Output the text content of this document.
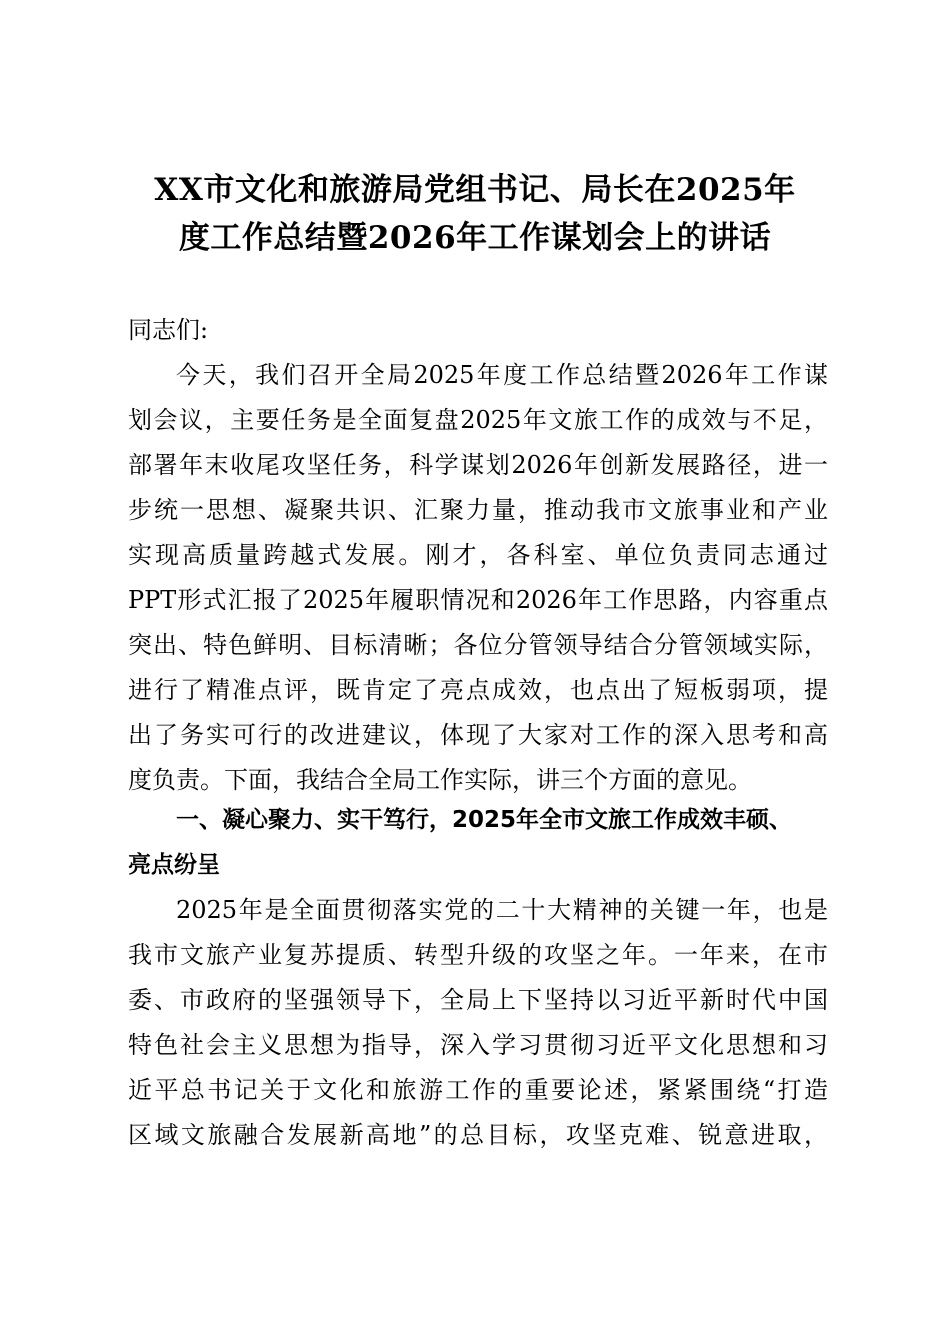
XX市文化和旅游局党组书记、局长在2025年
度工作总结暨2026年工作谋划会上的讲话
同志们:
今天，我们召开全局2025年度工作总结暨2026年工作谋
划会议，主要任务是全面复盘2025年文旅工作的成效与不足，
部署年末收尾攻坚任务，科学谋划2026年创新发展路径，进一
步统一思想、凝聚共识、汇聚力量，推动我市文旅事业和产业
实现高质量跨越式发展。刚才，各科室、单位负责同志通过
PPT形式汇报了2025年履职情况和2026年工作思路，内容重点
突出、特色鲜明、目标清晰；各位分管领导结合分管领域实际，
进行了精准点评，既肯定了亮点成效，也点出了短板弱项，提
出了务实可行的改进建议，体现了大家对工作的深入思考和高
度负责。下面，我结合全局工作实际，讲三个方面的意见。
一、凝心聚力、实干笃行，2025年全市文旅工作成效丰硕、
亮点纷呈
2025年是全面贯彻落实党的二十大精神的关键一年，也是
我市文旅产业复苏提质、转型升级的攻坚之年。一年来，在市
委、市政府的坚强领导下，全局上下坚持以习近平新时代中国
特色社会主义思想为指导，深入学习贯彻习近平文化思想和习
近平总书记关于文化和旅游工作的重要论述，紧紧围绕“打造
区域文旅融合发展新高地”的总目标，攻坚克难、锐意进取，
